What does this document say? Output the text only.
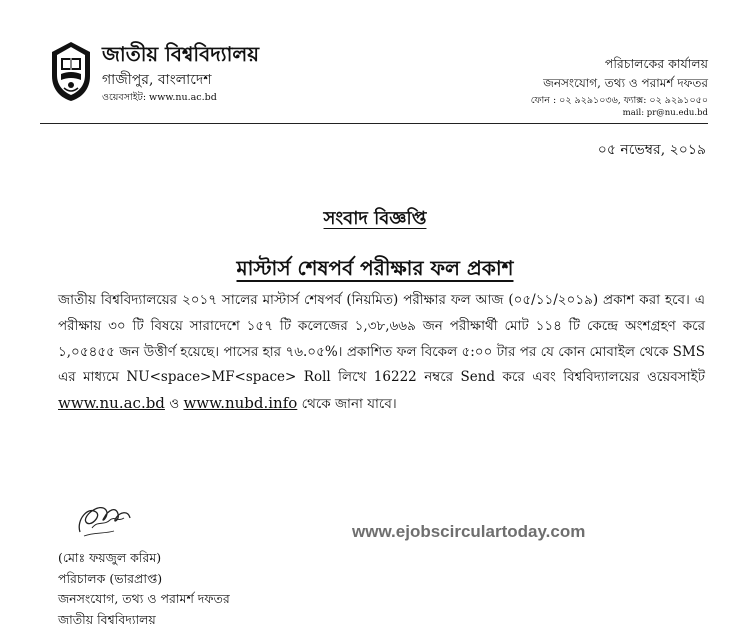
জাতীয় বিশ্ববিদ্যালয়
গাজীপুর, বাংলাদেশ
ওয়েবসাইট: www.nu.ac.bd
পরিচালকের কার্যালয়
জনসংযোগ, তথ্য ও পরামর্শ দফতর
ফোন : ০২ ৯২৯১০৩৬, ফ্যাক্স: ০২ ৯২৯১০৫০
mail: pr@nu.edu.bd
০৫ নভেম্বর, ২০১৯
সংবাদ বিজ্ঞপ্তি
মাস্টার্স শেষপর্ব পরীক্ষার ফল প্রকাশ
জাতীয় বিশ্ববিদ্যালয়ের ২০১৭ সালের মাস্টার্স শেষপর্ব (নিয়মিত) পরীক্ষার ফল আজ (০৫/১১/২০১৯) প্রকাশ করা হবে। এ পরীক্ষায় ৩০ টি বিষয়ে সারাদেশে ১৫৭ টি কলেজের ১,৩৮,৬৬৯ জন পরীক্ষার্থী মোট ১১৪ টি কেন্দ্রে অংশগ্রহণ করে ১,০৫৪৫৫ জন উত্তীর্ণ হয়েছে। পাসের হার ৭৬.০৫%। প্রকাশিত ফল বিকেল ৫:০০ টার পর যে কোন মোবাইল থেকে SMS এর মাধ্যমে NU<space>MF<space> Roll লিখে 16222 নম্বরে Send করে এবং বিশ্ববিদ্যালয়ের ওয়েবসাইট www.nu.ac.bd ও www.nubd.info থেকে জানা যাবে।
(মোঃ ফয়জুল করিম)
পরিচালক (ভারপ্রাপ্ত)
জনসংযোগ, তথ্য ও পরামর্শ দফতর
জাতীয় বিশ্ববিদ্যালয়
www.ejobscirculartoday.com
